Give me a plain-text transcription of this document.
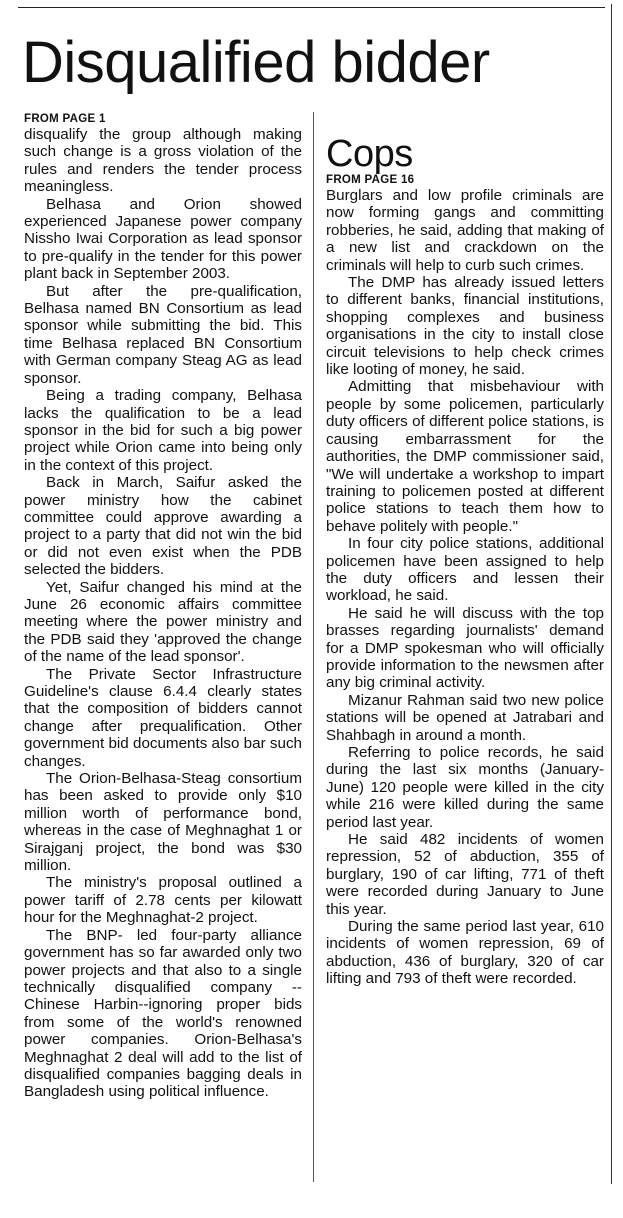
Disqualified bidder
FROM PAGE 1

disqualify the group although making such change is a gross violation of the rules and renders the tender process meaningless.

Belhasa and Orion showed experienced Japanese power company Nissho Iwai Corporation as lead sponsor to pre-qualify in the tender for this power plant back in September 2003.

But after the pre-qualification, Belhasa named BN Consortium as lead sponsor while submitting the bid. This time Belhasa replaced BN Consortium with German company Steag AG as lead sponsor.

Being a trading company, Belhasa lacks the qualification to be a lead sponsor in the bid for such a big power project while Orion came into being only in the context of this project.

Back in March, Saifur asked the power ministry how the cabinet committee could approve awarding a project to a party that did not win the bid or did not even exist when the PDB selected the bidders.

Yet, Saifur changed his mind at the June 26 economic affairs committee meeting where the power ministry and the PDB said they 'approved the change of the name of the lead sponsor'.

The Private Sector Infrastructure Guideline's clause 6.4.4 clearly states that the composition of bidders cannot change after prequalification. Other government bid documents also bar such changes.

The Orion-Belhasa-Steag consortium has been asked to provide only $10 million worth of performance bond, whereas in the case of Meghnaghat 1 or Sirajganj project, the bond was $30 million.

The ministry's proposal outlined a power tariff of 2.78 cents per kilowatt hour for the Meghnaghat-2 project.

The BNP- led four-party alliance government has so far awarded only two power projects and that also to a single technically disqualified company --Chinese Harbin--ignoring proper bids from some of the world's renowned power companies. Orion-Belhasa's Meghnaghat 2 deal will add to the list of disqualified companies bagging deals in Bangladesh using political influence.

Cops
FROM PAGE 16

Burglars and low profile criminals are now forming gangs and committing robberies, he said, adding that making of a new list and crackdown on the criminals will help to curb such crimes.

The DMP has already issued letters to different banks, financial institutions, shopping complexes and business organisations in the city to install close circuit televisions to help check crimes like looting of money, he said.

Admitting that misbehaviour with people by some policemen, particularly duty officers of different police stations, is causing embarrassment for the authorities, the DMP commissioner said, "We will undertake a workshop to impart training to policemen posted at different police stations to teach them how to behave politely with people."

In four city police stations, additional policemen have been assigned to help the duty officers and lessen their workload, he said.

He said he will discuss with the top brasses regarding journalists' demand for a DMP spokesman who will officially provide information to the newsmen after any big criminal activity.

Mizanur Rahman said two new police stations will be opened at Jatrabari and Shahbagh in around a month.

Referring to police records, he said during the last six months (January-June) 120 people were killed in the city while 216 were killed during the same period last year.

He said 482 incidents of women repression, 52 of abduction, 355 of burglary, 190 of car lifting, 771 of theft were recorded during January to June this year.

During the same period last year, 610 incidents of women repression, 69 of abduction, 436 of burglary, 320 of car lifting and 793 of theft were recorded.
